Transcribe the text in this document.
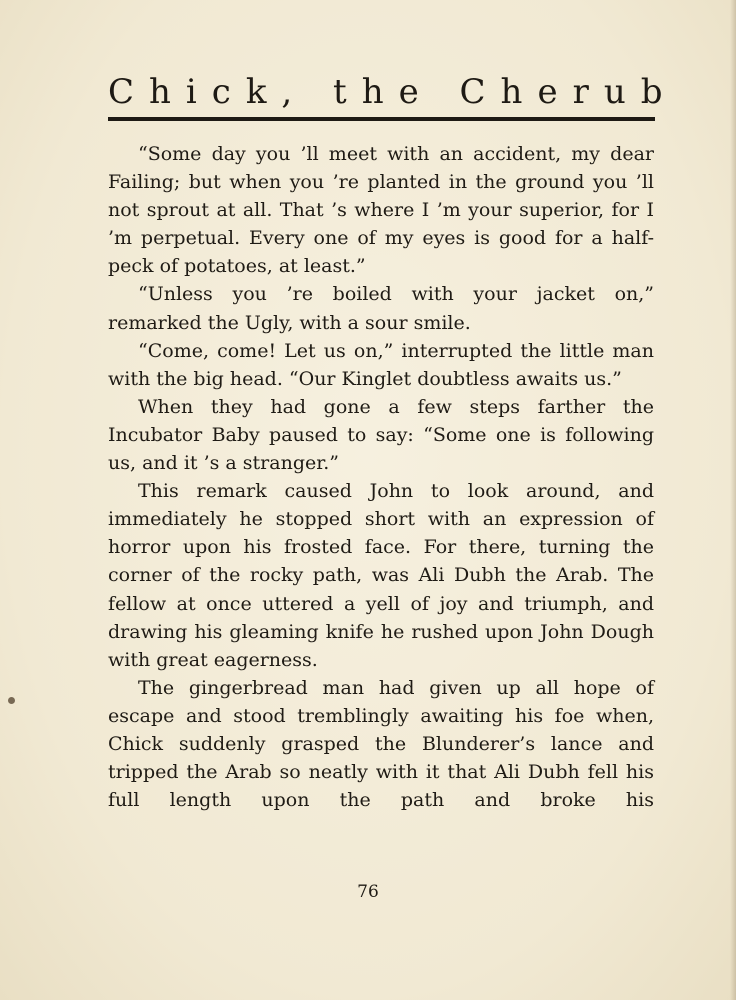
Chick, the Cherub

“Some day you ’ll meet with an accident, my dear Failing; but when you ’re planted in the ground you ’ll not sprout at all. That ’s where I ’m your superior, for I ’m perpetual. Every one of my eyes is good for a half-peck of potatoes, at least.”

“Unless you ’re boiled with your jacket on,” remarked the Ugly, with a sour smile.

“Come, come! Let us on,” interrupted the little man with the big head. “Our Kinglet doubtless awaits us.”

When they had gone a few steps farther the Incubator Baby paused to say: “Some one is following us, and it ’s a stranger.”

This remark caused John to look around, and immediately he stopped short with an expression of horror upon his frosted face. For there, turning the corner of the rocky path, was Ali Dubh the Arab. The fellow at once uttered a yell of joy and triumph, and drawing his gleaming knife he rushed upon John Dough with great eagerness.

The gingerbread man had given up all hope of escape and stood tremblingly awaiting his foe when, Chick suddenly grasped the Blunderer’s lance and tripped the Arab so neatly with it that Ali Dubh fell his full length upon the path and broke his

76
